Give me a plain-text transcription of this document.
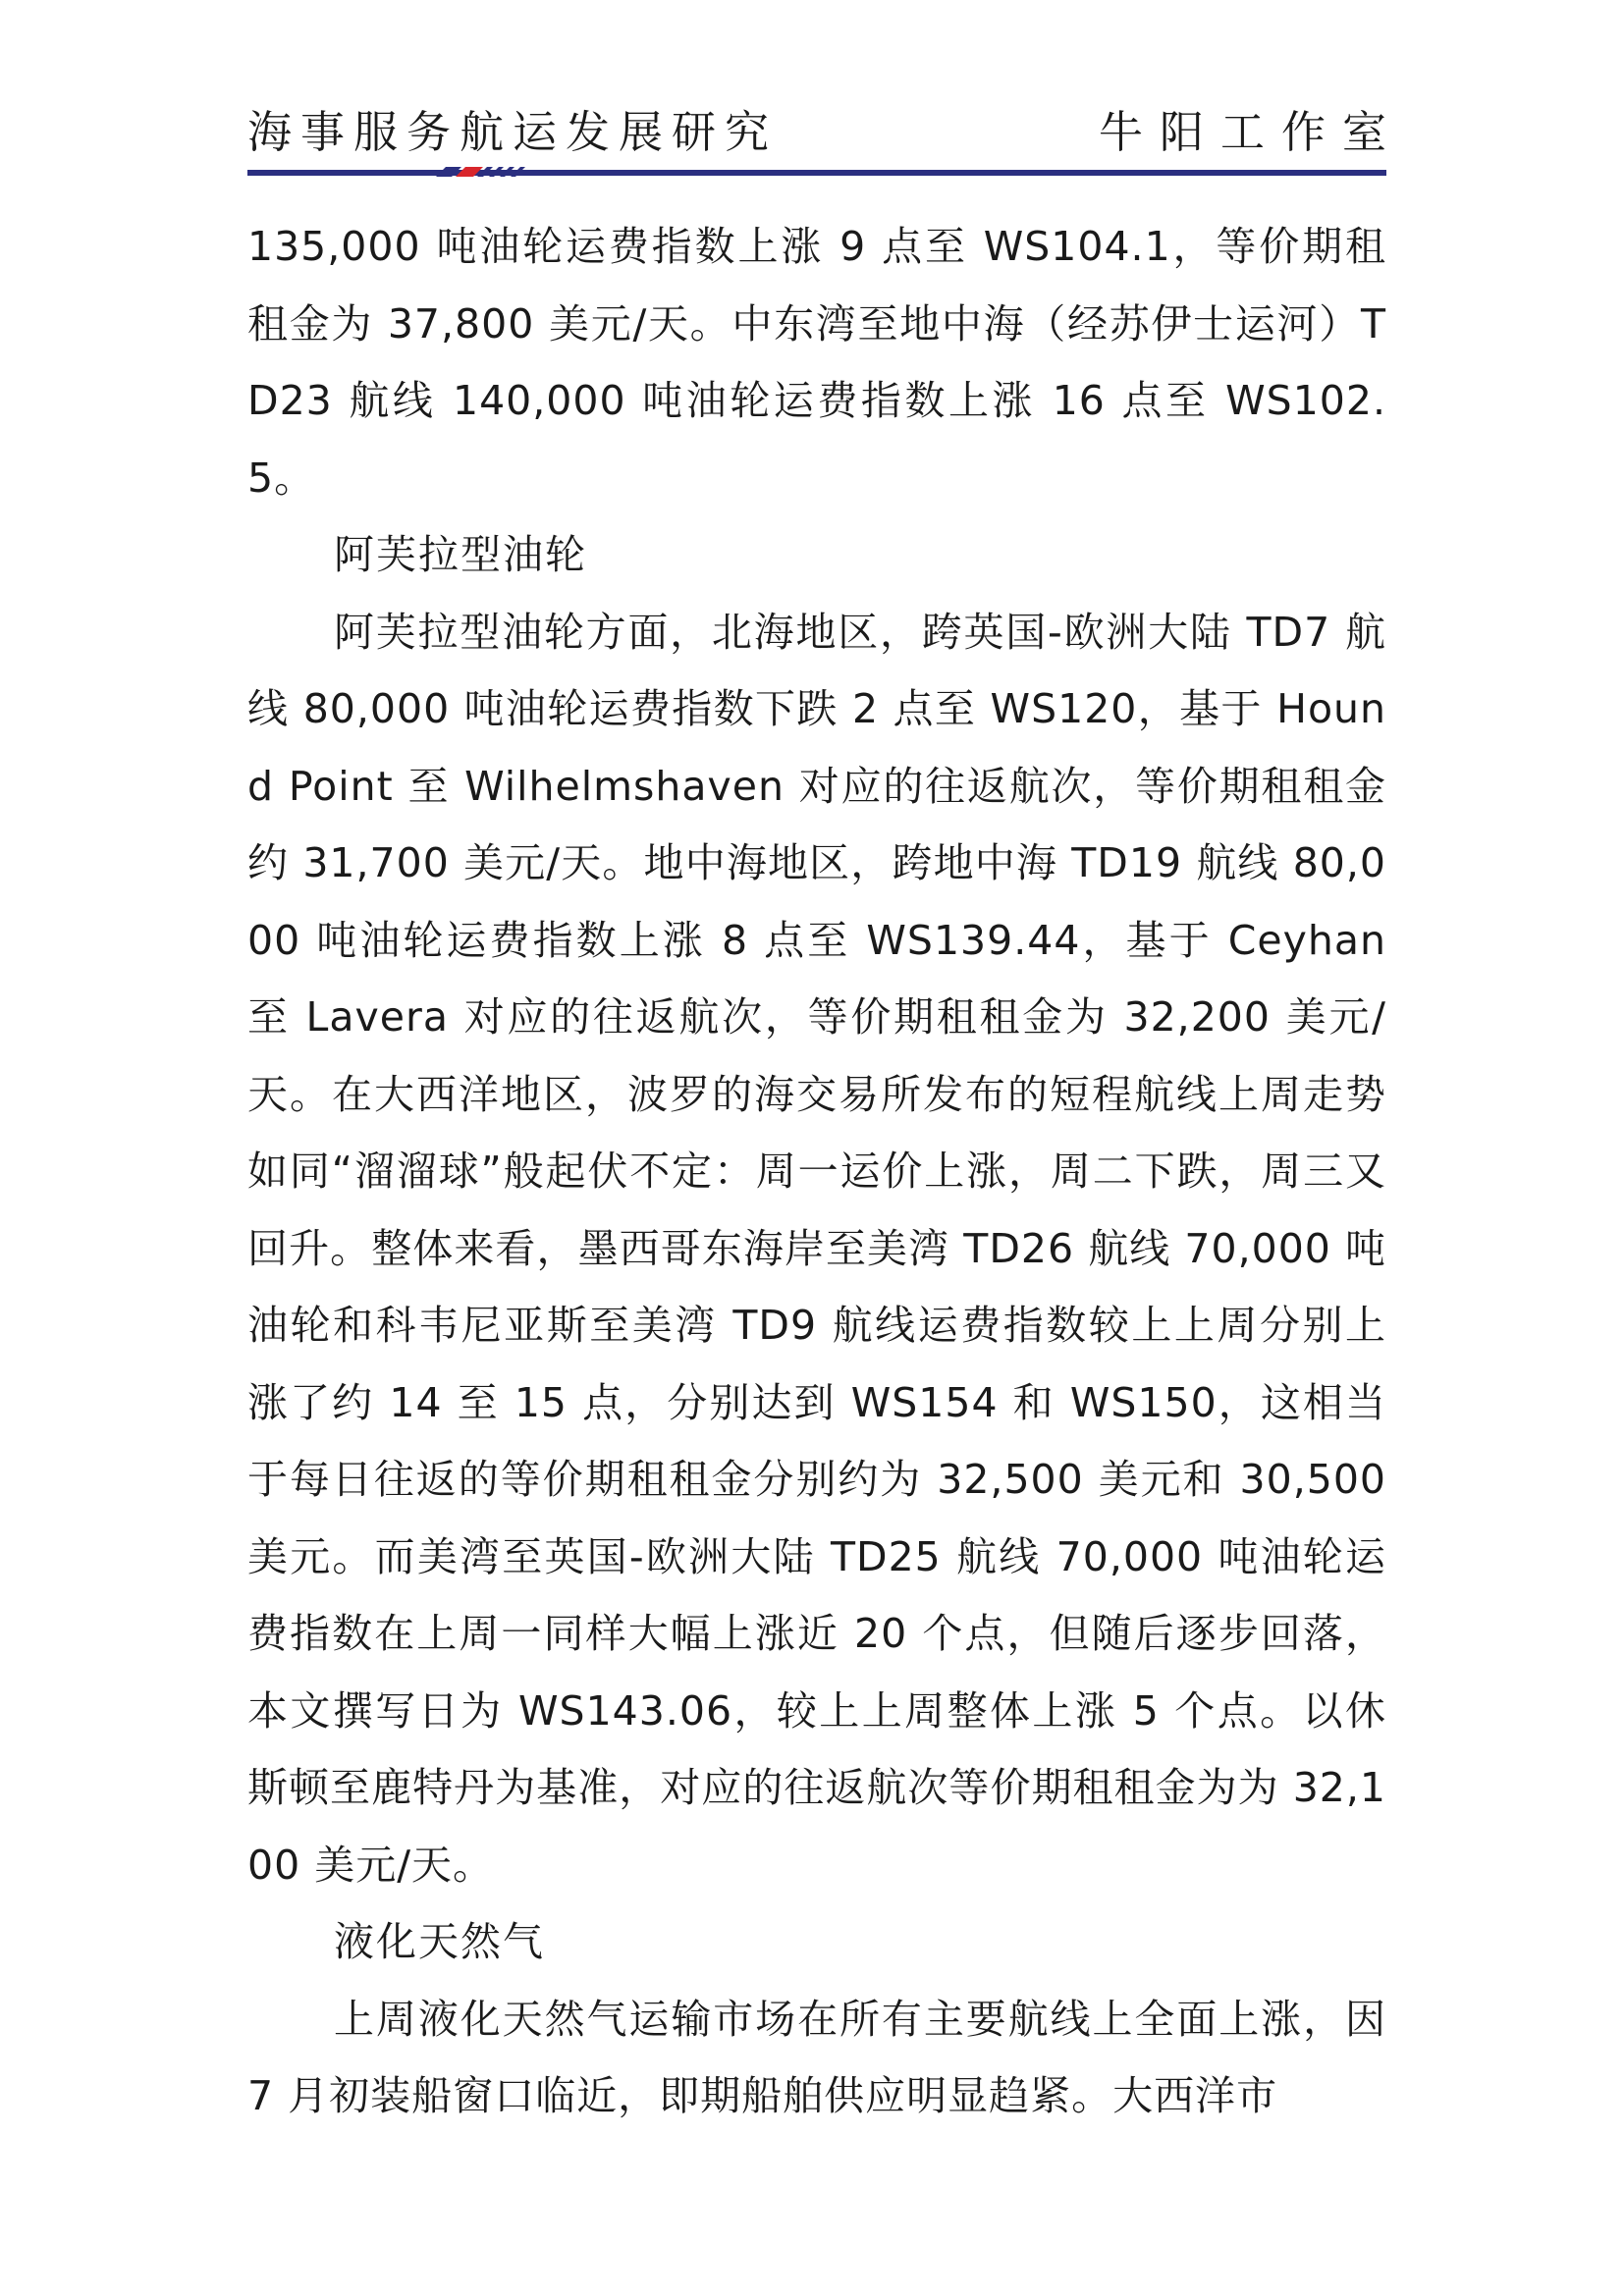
海事服务航运发展研究	牛阳工作室

135,000 吨油轮运费指数上涨 9 点至 WS104.1，等价期租租金为 37,800 美元/天。中东湾至地中海（经苏伊士运河）TD23 航线 140,000 吨油轮运费指数上涨 16 点至 WS102.5。

阿芙拉型油轮

阿芙拉型油轮方面，北海地区，跨英国-欧洲大陆 TD7 航线 80,000 吨油轮运费指数下跌 2 点至 WS120，基于 Hound Point 至 Wilhelmshaven 对应的往返航次，等价期租租金约 31,700 美元/天。地中海地区，跨地中海 TD19 航线 80,000 吨油轮运费指数上涨 8 点至 WS139.44，基于 Ceyhan 至 Lavera 对应的往返航次，等价期租租金为 32,200 美元/天。在大西洋地区，波罗的海交易所发布的短程航线上周走势如同“溜溜球”般起伏不定：周一运价上涨，周二下跌，周三又回升。整体来看，墨西哥东海岸至美湾 TD26 航线 70,000 吨油轮和科韦尼亚斯至美湾 TD9 航线运费指数较上上周分别上涨了约 14 至 15 点，分别达到 WS154 和 WS150，这相当于每日往返的等价期租租金分别约为 32,500 美元和 30,500 美元。而美湾至英国-欧洲大陆 TD25 航线 70,000 吨油轮运费指数在上周一同样大幅上涨近 20 个点，但随后逐步回落，本文撰写日为 WS143.06，较上上周整体上涨 5 个点。以休斯顿至鹿特丹为基准，对应的往返航次等价期租租金为为 32,100 美元/天。

液化天然气

上周液化天然气运输市场在所有主要航线上全面上涨，因 7 月初装船窗口临近，即期船舶供应明显趋紧。大西洋市
